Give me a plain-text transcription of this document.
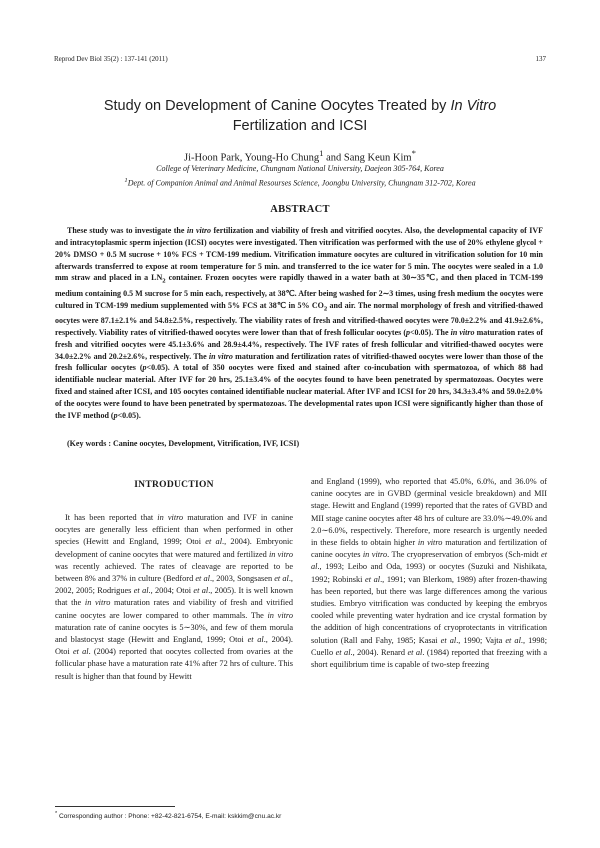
Reprod Dev Biol 35(2) : 137-141 (2011)	137
Study on Development of Canine Oocytes Treated by In Vitro
Fertilization and ICSI
Ji-Hoon Park, Young-Ho Chung$^1$ and Sang Keun Kim*
College of Veterinary Medicine, Chungnam National University, Daejeon 305-764, Korea
$^1$Dept. of Companion Animal and Animal Resourses Science, Joongbu University, Chungnam 312-702, Korea
ABSTRACT

These study was to investigate the in vitro fertilization and viability of fresh and vitrified oocytes. Also, the developmental capacity of IVF and intracytoplasmic sperm injection (ICSI) oocytes were investigated. Then vitrification was performed with the use of 20% ethylene glycol + 20% DMSO + 0.5 M sucrose + 10% FCS + TCM-199 medium. Vitrification immature oocytes are cultured in vitrification solution for 10 min afterwards transferred to expose at room temperature for 5 min. and transferred to the ice water for 5 min. The oocytes were sealed in a 1.0 mm straw and placed in a $LN_2$ container. Frozen oocytes were rapidly thawed in a water bath at 30∼35℃, and then placed in TCM-199 medium containing 0.5 M sucrose for 5 min each, respectively, at 38℃. After being washed for 2∼3 times, using fresh medium the oocytes were cultured in TCM-199 medium supplemented with 5% FCS at 38℃ in 5% $CO_2$ and air. The normal morphology of fresh and vitrified-thawed oocytes were 87.1±2.1% and 54.8±2.5%, respectively. The viability rates of fresh and vitrified-thawed oocytes were 70.0±2.2% and 41.9±2.6%, respectively. Viability rates of vitrified-thawed oocytes were lower than that of fresh follicular oocytes (p<0.05). The in vitro maturation rates of fresh and vitrified oocytes were 45.1±3.6% and 28.9±4.4%, respectively. The IVF rates of fresh follicular and vitrified-thawed oocytes were 34.0±2.2% and 20.2±2.6%, respectively. The in vitro maturation and fertilization rates of vitrified-thawed oocytes were lower than those of the fresh follicular oocytes (p<0.05). A total of 350 oocytes were fixed and stained after co-incubation with spermatozoa, of which 88 had identifiable nuclear material. After IVF for 20 hrs, 25.1±3.4% of the oocytes found to have been penetrated by spermatozoas. Oocytes were fixed and stained after ICSI, and 105 oocytes contained identifiable nuclear material. After IVF and ICSI for 20 hrs, 34.3±3.4% and 59.0±2.0% of the oocytes were found to have been penetrated by spermatozoas. The developmental rates upon ICSI were significantly higher than those of the IVF method (p<0.05).

(Key words : Canine oocytes, Development, Vitrification, IVF, ICSI)
INTRODUCTION

It has been reported that in vitro maturation and IVF in canine oocytes are generally less efficient than when performed in other species (Hewitt and England, 1999; Otoi et al., 2004). Embryonic development of canine oocytes that were matured and fertilized in vitro was recently achieved. The rates of cleavage are reported to be between 8% and 37% in culture (Bedford et al., 2003, Songsasen et al., 2002, 2005; Rodrigues et al., 2004; Otoi et al., 2005). It is well known that the in vitro maturation rates and viability of fresh and vitrified canine oocytes are lower compared to other mammals. The in vitro maturation rate of canine oocytes is 5∼30%, and few of them morula and blastocyst stage (Hewitt and England, 1999; Otoi et al., 2004). Otoi et al. (2004) reported that oocytes collected from ovaries at the follicular phase have a maturation rate 41% after 72 hrs of culture. This result is higher than that found by Hewitt

and England (1999), who reported that 45.0%, 6.0%, and 36.0% of canine oocytes are in GVBD (germinal vesicle breakdown) and MII stage. Hewitt and England (1999) reported that the rates of GVBD and MII stage canine oocytes after 48 hrs of culture are 33.0%∼49.0% and 2.0∼6.0%, respectively. Therefore, more research is urgently needed in these fields to obtain higher in vitro maturation and fertilization of canine oocytes in vitro. The cryopreservation of embryos (Sch-midt et al., 1993; Leibo and Oda, 1993) or oocytes (Suzuki and Nishikata, 1992; Robinski et al., 1991; van Blerkom, 1989) after frozen-thawing has been reported, but there was large differences among the various studies. Embryo vitrification was conducted by keeping the embryos cooled while preventing water hydration and ice crystal formation by the addition of high concentrations of cryoprotectants in vitrification solution (Rall and Fahy, 1985; Kasai et al., 1990; Vajta et al., 1998; Cuello et al., 2004). Renard et al. (1984) reported that freezing with a short equilibrium time is capable of two-step freezing

* Corresponding author : Phone: +82-42-821-6754, E-mail: kskkim@cnu.ac.kr
